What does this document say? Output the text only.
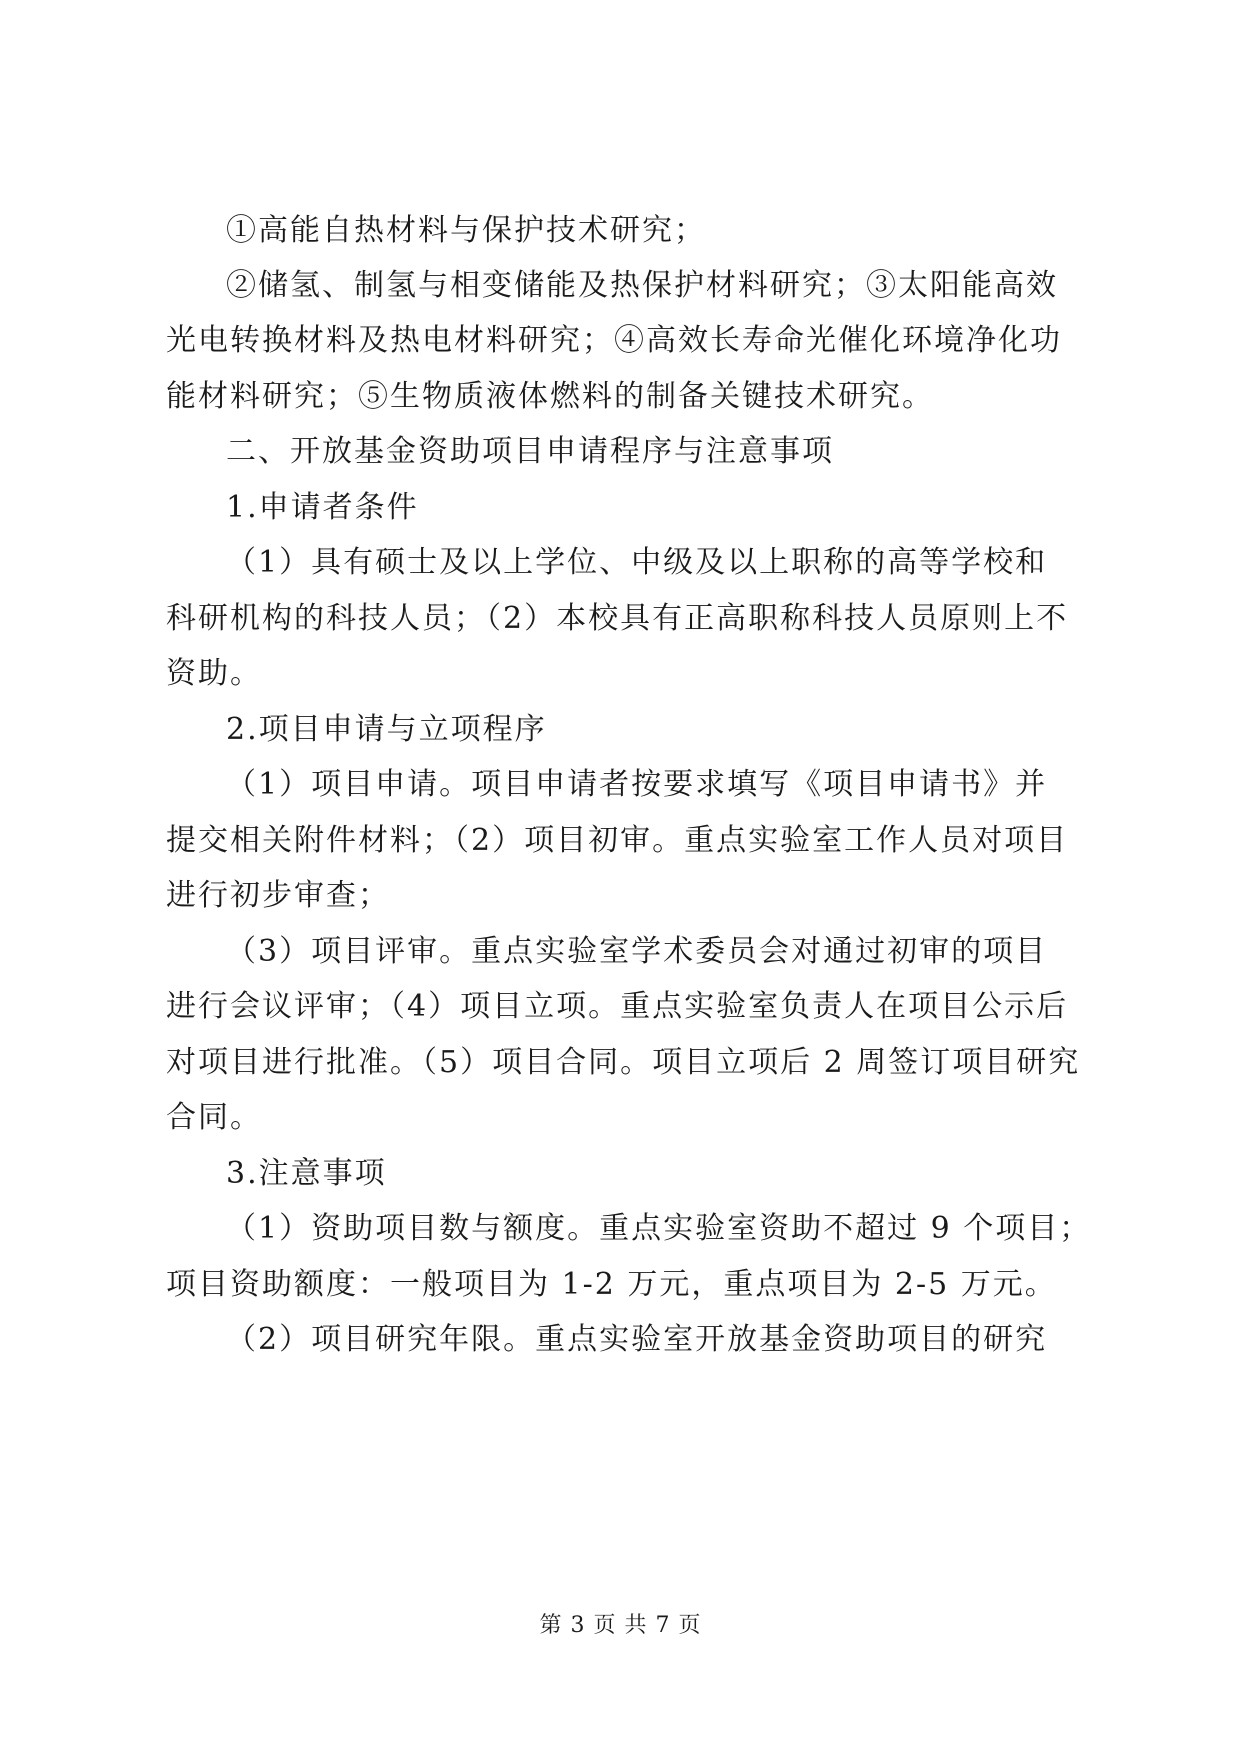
①高能自热材料与保护技术研究；
②储氢、制氢与相变储能及热保护材料研究；③太阳能高效
光电转换材料及热电材料研究；④高效长寿命光催化环境净化功
能材料研究；⑤生物质液体燃料的制备关键技术研究。
二、开放基金资助项目申请程序与注意事项
1.申请者条件
（1）具有硕士及以上学位、中级及以上职称的高等学校和
科研机构的科技人员；（2）本校具有正高职称科技人员原则上不
资助。
2.项目申请与立项程序
（1）项目申请。项目申请者按要求填写《项目申请书》并
提交相关附件材料；（2）项目初审。重点实验室工作人员对项目
进行初步审查；
（3）项目评审。重点实验室学术委员会对通过初审的项目
进行会议评审；（4）项目立项。重点实验室负责人在项目公示后
对项目进行批准。（5）项目合同。项目立项后 2 周签订项目研究
合同。
3.注意事项
（1）资助项目数与额度。重点实验室资助不超过 9 个项目；
项目资助额度：一般项目为 1-2 万元，重点项目为 2-5 万元。
（2）项目研究年限。重点实验室开放基金资助项目的研究
第 3 页 共 7 页
